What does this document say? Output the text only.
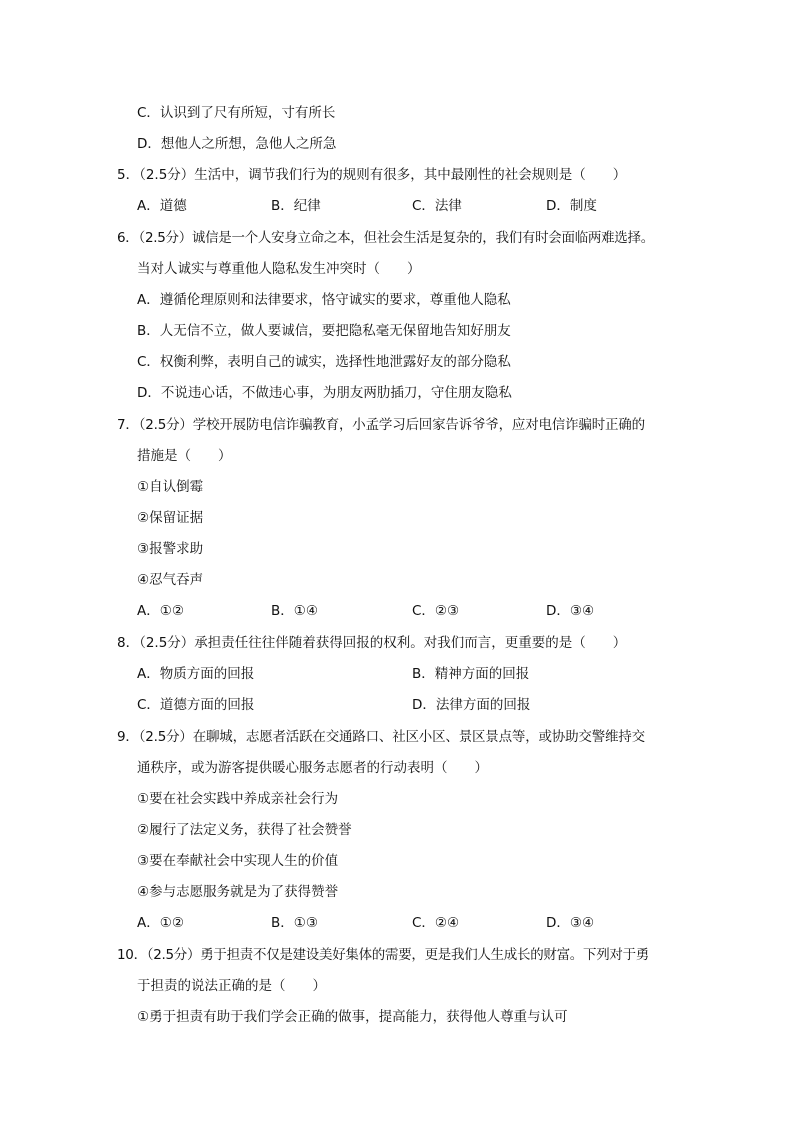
C．认识到了尺有所短，寸有所长
D．想他人之所想，急他人之所急
5．（2.5分）生活中，调节我们行为的规则有很多，其中最刚性的社会规则是（　　）
A．道德	B．纪律	C．法律	D．制度
6．（2.5分）诚信是一个人安身立命之本，但社会生活是复杂的，我们有时会面临两难选择。
当对人诚实与尊重他人隐私发生冲突时（　　）
A．遵循伦理原则和法律要求，恪守诚实的要求，尊重他人隐私
B．人无信不立，做人要诚信，要把隐私毫无保留地告知好朋友
C．权衡利弊，表明自己的诚实，选择性地泄露好友的部分隐私
D．不说违心话，不做违心事，为朋友两肋插刀，守住朋友隐私
7．（2.5分）学校开展防电信诈骗教育，小孟学习后回家告诉爷爷，应对电信诈骗时正确的
措施是（　　）
①自认倒霉
②保留证据
③报警求助
④忍气吞声
A．①②	B．①④	C．②③	D．③④
8．（2.5分）承担责任往往伴随着获得回报的权利。对我们而言，更重要的是（　　）
A．物质方面的回报	B．精神方面的回报
C．道德方面的回报	D．法律方面的回报
9．（2.5分）在聊城，志愿者活跃在交通路口、社区小区、景区景点等，或协助交警维持交
通秩序，或为游客提供暖心服务志愿者的行动表明（　　）
①要在社会实践中养成亲社会行为
②履行了法定义务，获得了社会赞誉
③要在奉献社会中实现人生的价值
④参与志愿服务就是为了获得赞誉
A．①②	B．①③	C．②④	D．③④
10．（2.5分）勇于担责不仅是建设美好集体的需要，更是我们人生成长的财富。下列对于勇
于担责的说法正确的是（　　）
①勇于担责有助于我们学会正确的做事，提高能力，获得他人尊重与认可
